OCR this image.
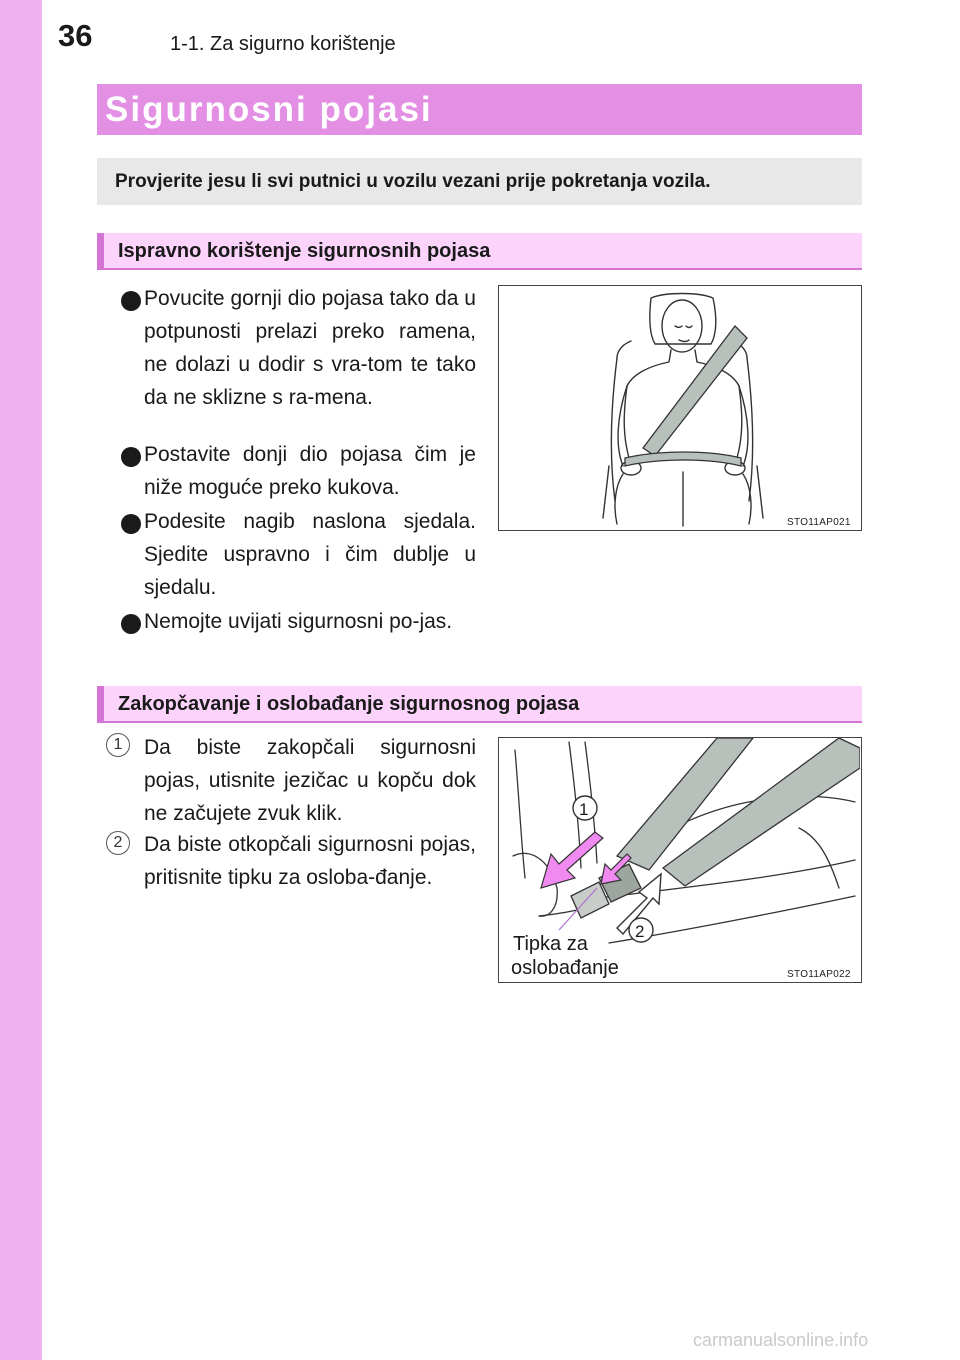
36	1-1. Za sigurno korištenje
Sigurnosni pojasi
Provjerite jesu li svi putnici u vozilu vezani prije pokretanja vozila.
Ispravno korištenje sigurnosnih pojasa
Povucite gornji dio pojasa tako da u potpunosti prelazi preko ramena, ne dolazi u dodir s vra-tom te tako da ne sklizne s ra-mena.
Postavite donji dio pojasa čim je niže moguće preko kukova.
Podesite nagib naslona sjedala. Sjedite uspravno i čim dublje u sjedalu.
Nemojte uvijati sigurnosni po-jas.
STO11AP021
Zakopčavanje i oslobađanje sigurnosnog pojasa
1	Da biste zakopčali sigurnosni pojas, utisnite jezičac u kopču dok ne začujete zvuk klik.
2	Da biste otkopčali sigurnosni pojas, pritisnite tipku za osloba-đanje.
1
2
Tipka za
oslobađanje	STO11AP022
carmanualsonline.info
